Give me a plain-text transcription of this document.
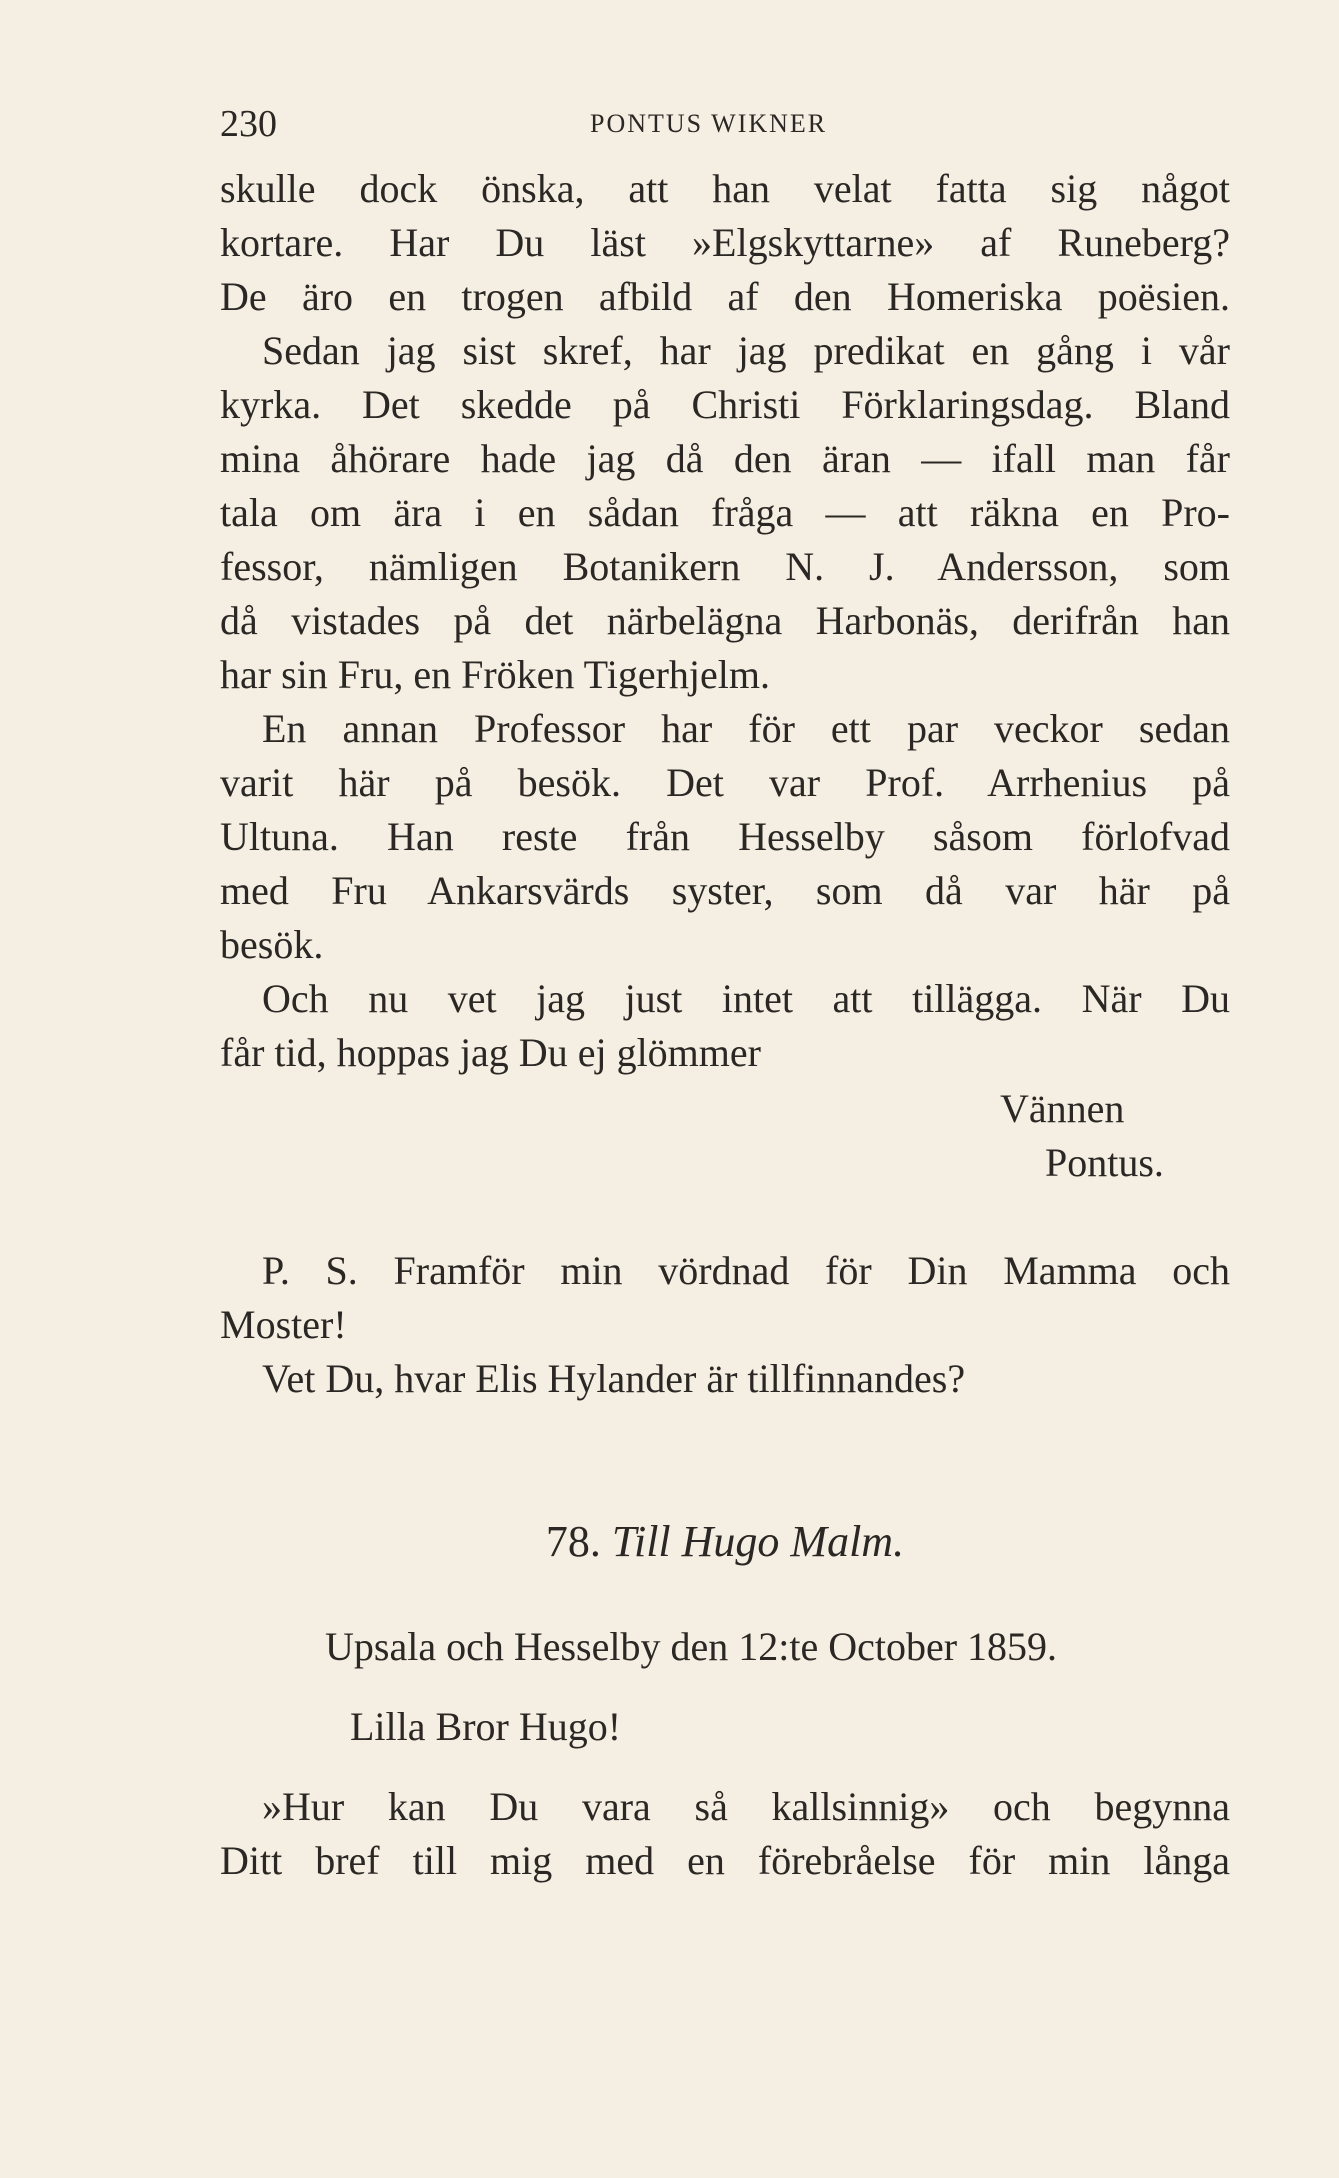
230	PONTUS WIKNER
skulle dock önska, att han velat fatta sig något
kortare. Har Du läst »Elgskyttarne» af Runeberg?
De äro en trogen afbild af den Homeriska poësien.
Sedan jag sist skref, har jag predikat en gång i vår
kyrka. Det skedde på Christi Förklaringsdag. Bland
mina åhörare hade jag då den äran — ifall man får
tala om ära i en sådan fråga — att räkna en Pro-
fessor, nämligen Botanikern N. J. Andersson, som
då vistades på det närbelägna Harbonäs, derifrån han
har sin Fru, en Fröken Tigerhjelm.
En annan Professor har för ett par veckor sedan
varit här på besök. Det var Prof. Arrhenius på
Ultuna. Han reste från Hesselby såsom förlofvad
med Fru Ankarsvärds syster, som då var här på
besök.
Och nu vet jag just intet att tillägga. När Du
får tid, hoppas jag Du ej glömmer
Vännen
Pontus.
P. S. Framför min vördnad för Din Mamma och
Moster!
Vet Du, hvar Elis Hylander är tillfinnandes?
78. Till Hugo Malm.
Upsala och Hesselby den 12:te October 1859.
Lilla Bror Hugo!
»Hur kan Du vara så kallsinnig» och begynna
Ditt bref till mig med en förebråelse för min långa
